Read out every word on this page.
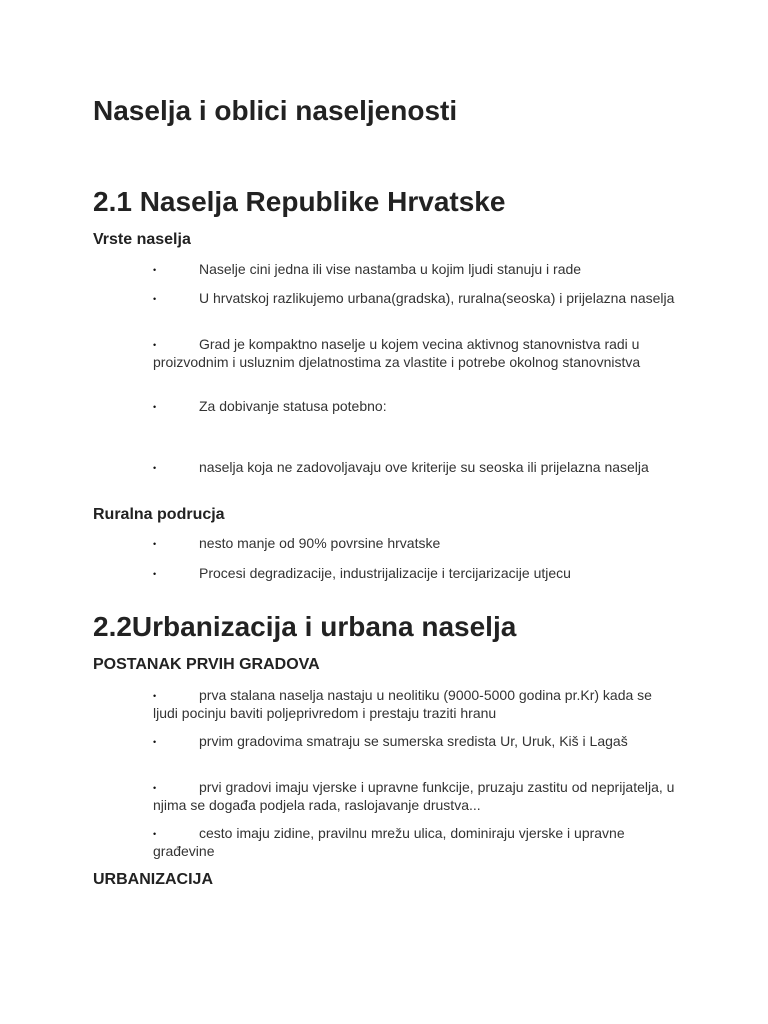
Naselja i oblici naseljenosti
2.1 Naselja Republike Hrvatske
Vrste naselja
•	Naselje cini jedna ili vise nastamba u kojim ljudi stanuju i rade
•	U hrvatskoj razlikujemo urbana(gradska), ruralna(seoska) i prijelazna naselja
•	Grad je kompaktno naselje u kojem vecina aktivnog stanovnistva radi u proizvodnim i usluznim djelatnostima za vlastite i potrebe okolnog stanovnistva
•	Za dobivanje statusa potebno:
•	naselja koja ne zadovoljavaju ove kriterije su seoska ili prijelazna naselja
Ruralna podrucja
•	nesto manje od 90% povrsine hrvatske
•	Procesi degradizacije, industrijalizacije i tercijarizacije utjecu
2.2Urbanizacija i urbana naselja
POSTANAK PRVIH GRADOVA
•	prva stalana naselja nastaju u neolitiku (9000-5000 godina pr.Kr) kada se ljudi pocinju baviti poljeprivredom i prestaju traziti hranu
•	prvim gradovima smatraju se sumerska sredista Ur, Uruk, Kiš i Lagaš
•	prvi gradovi imaju vjerske i upravne funkcije, pruzaju zastitu od neprijatelja, u njima se događa podjela rada, raslojavanje drustva...
•	cesto imaju zidine, pravilnu mrežu ulica, dominiraju vjerske i upravne građevine
URBANIZACIJA
